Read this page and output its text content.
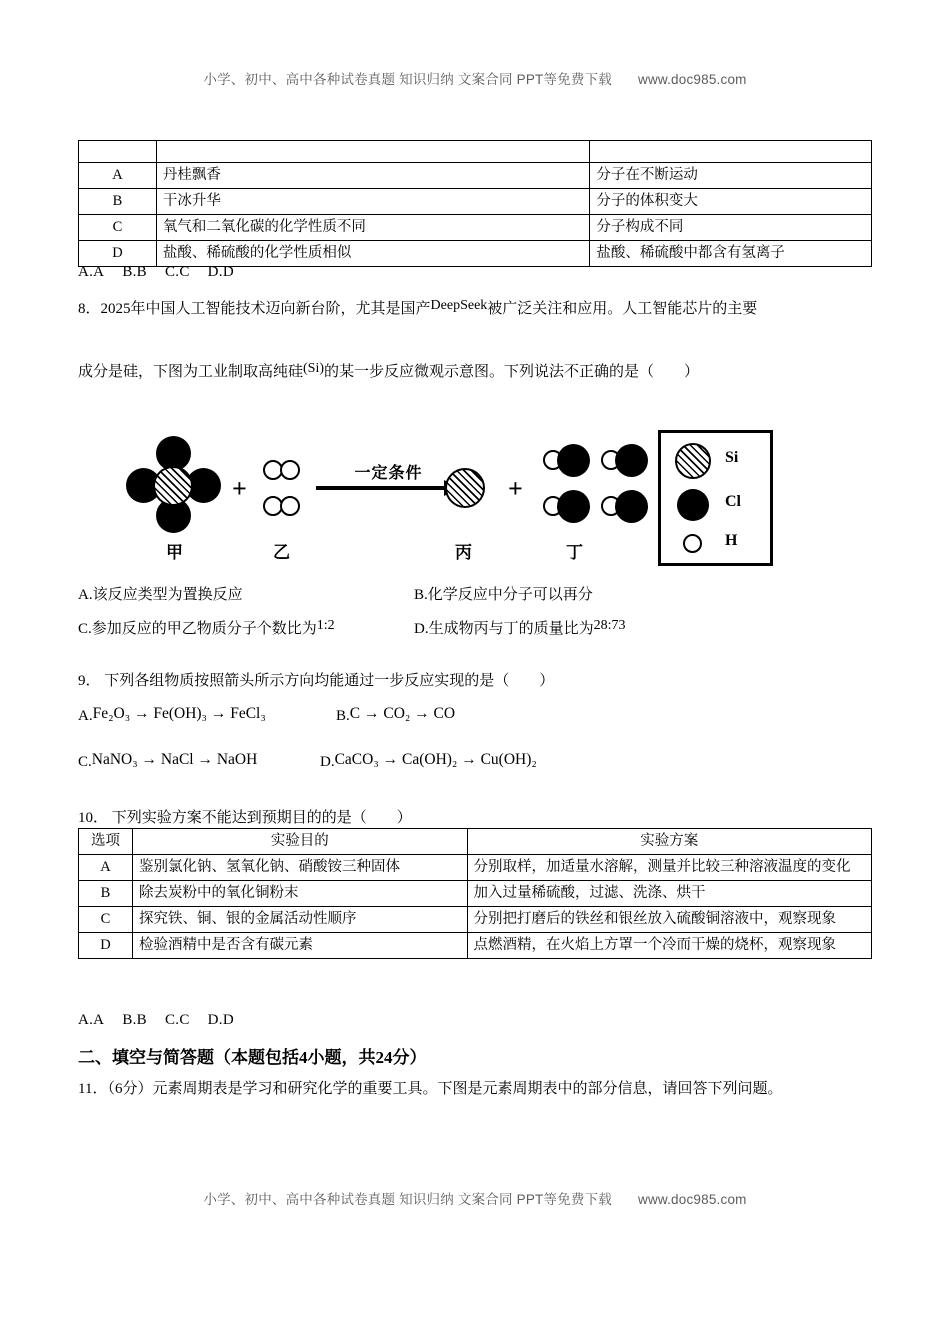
小学、初中、高中各种试卷真题 知识归纳 文案合同 PPT等免费下载 www.doc985.com

A	丹桂飘香	分子在不断运动
B	干冰升华	分子的体积变大
C	氧气和二氧化碳的化学性质不同	分子构成不同
D	盐酸、稀硫酸的化学性质相似	盐酸、稀硫酸中都含有氢离子
A.A B.B C.C D.D
8．2025年中国人工智能技术迈向新台阶，尤其是国产DeepSeek被广泛关注和应用。人工智能芯片的主要
成分是硅，下图为工业制取高纯硅(Si)的某一步反应微观示意图。下列说法不正确的是（　　）
甲
+
乙
一定条件
丙
+
丁
Si
Cl
H
A.该反应类型为置换反应	B.化学反应中分子可以再分
C.参加反应的甲乙物质分子个数比为1:2	D.生成物丙与丁的质量比为28:73
9． 下列各组物质按照箭头所示方向均能通过一步反应实现的是（　　）
A.Fe₂O₃ → Fe(OH)₃ → FeCl₃	B.C → CO₂ → CO
C.NaNO₃ → NaCl → NaOH	D.CaCO₃ → Ca(OH)₂ → Cu(OH)₂
10． 下列实验方案不能达到预期目的的是（　　）
选项	实验目的	实验方案
A	鉴别氯化钠、氢氧化钠、硝酸铵三种固体	分别取样，加适量水溶解，测量并比较三种溶液温度的变化
B	除去炭粉中的氧化铜粉末	加入过量稀硫酸，过滤、洗涤、烘干
C	探究铁、铜、银的金属活动性顺序	分别把打磨后的铁丝和银丝放入硫酸铜溶液中，观察现象
D	检验酒精中是否含有碳元素	点燃酒精，在火焰上方罩一个冷而干燥的烧杯，观察现象
A.A B.B C.C D.D
二、填空与简答题（本题包括4小题，共24分）
11．（6分）元素周期表是学习和研究化学的重要工具。下图是元素周期表中的部分信息，请回答下列问题。
小学、初中、高中各种试卷真题 知识归纳 文案合同 PPT等免费下载 www.doc985.com
